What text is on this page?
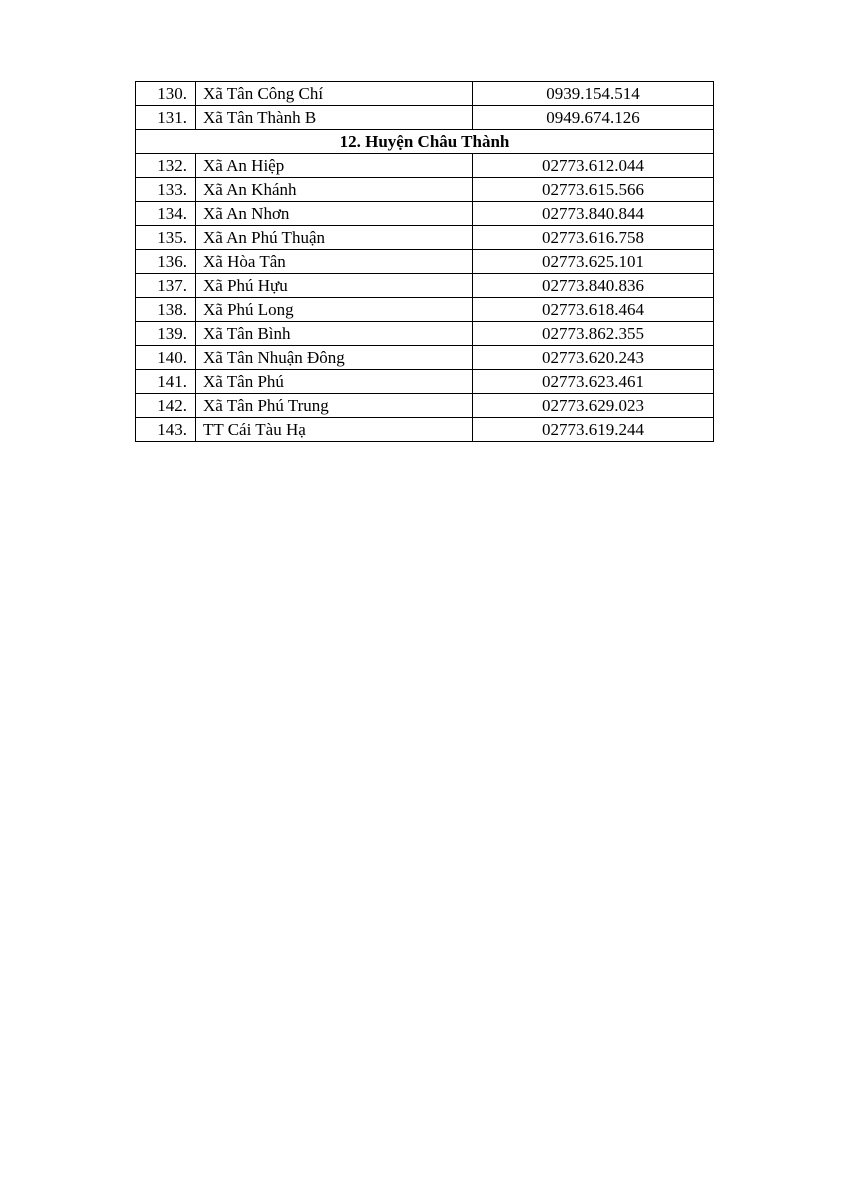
130.	Xã Tân Công Chí	0939.154.514
131.	Xã Tân Thành B	0949.674.126
12. Huyện Châu Thành		
132.	Xã An Hiệp	02773.612.044
133.	Xã An Khánh	02773.615.566
134.	Xã An Nhơn	02773.840.844
135.	Xã An Phú Thuận	02773.616.758
136.	Xã Hòa Tân	02773.625.101
137.	Xã Phú Hựu	02773.840.836
138.	Xã Phú Long	02773.618.464
139.	Xã Tân Bình	02773.862.355
140.	Xã Tân Nhuận Đông	02773.620.243
141.	Xã Tân Phú	02773.623.461
142.	Xã Tân Phú Trung	02773.629.023
143.	TT Cái Tàu Hạ	02773.619.244
